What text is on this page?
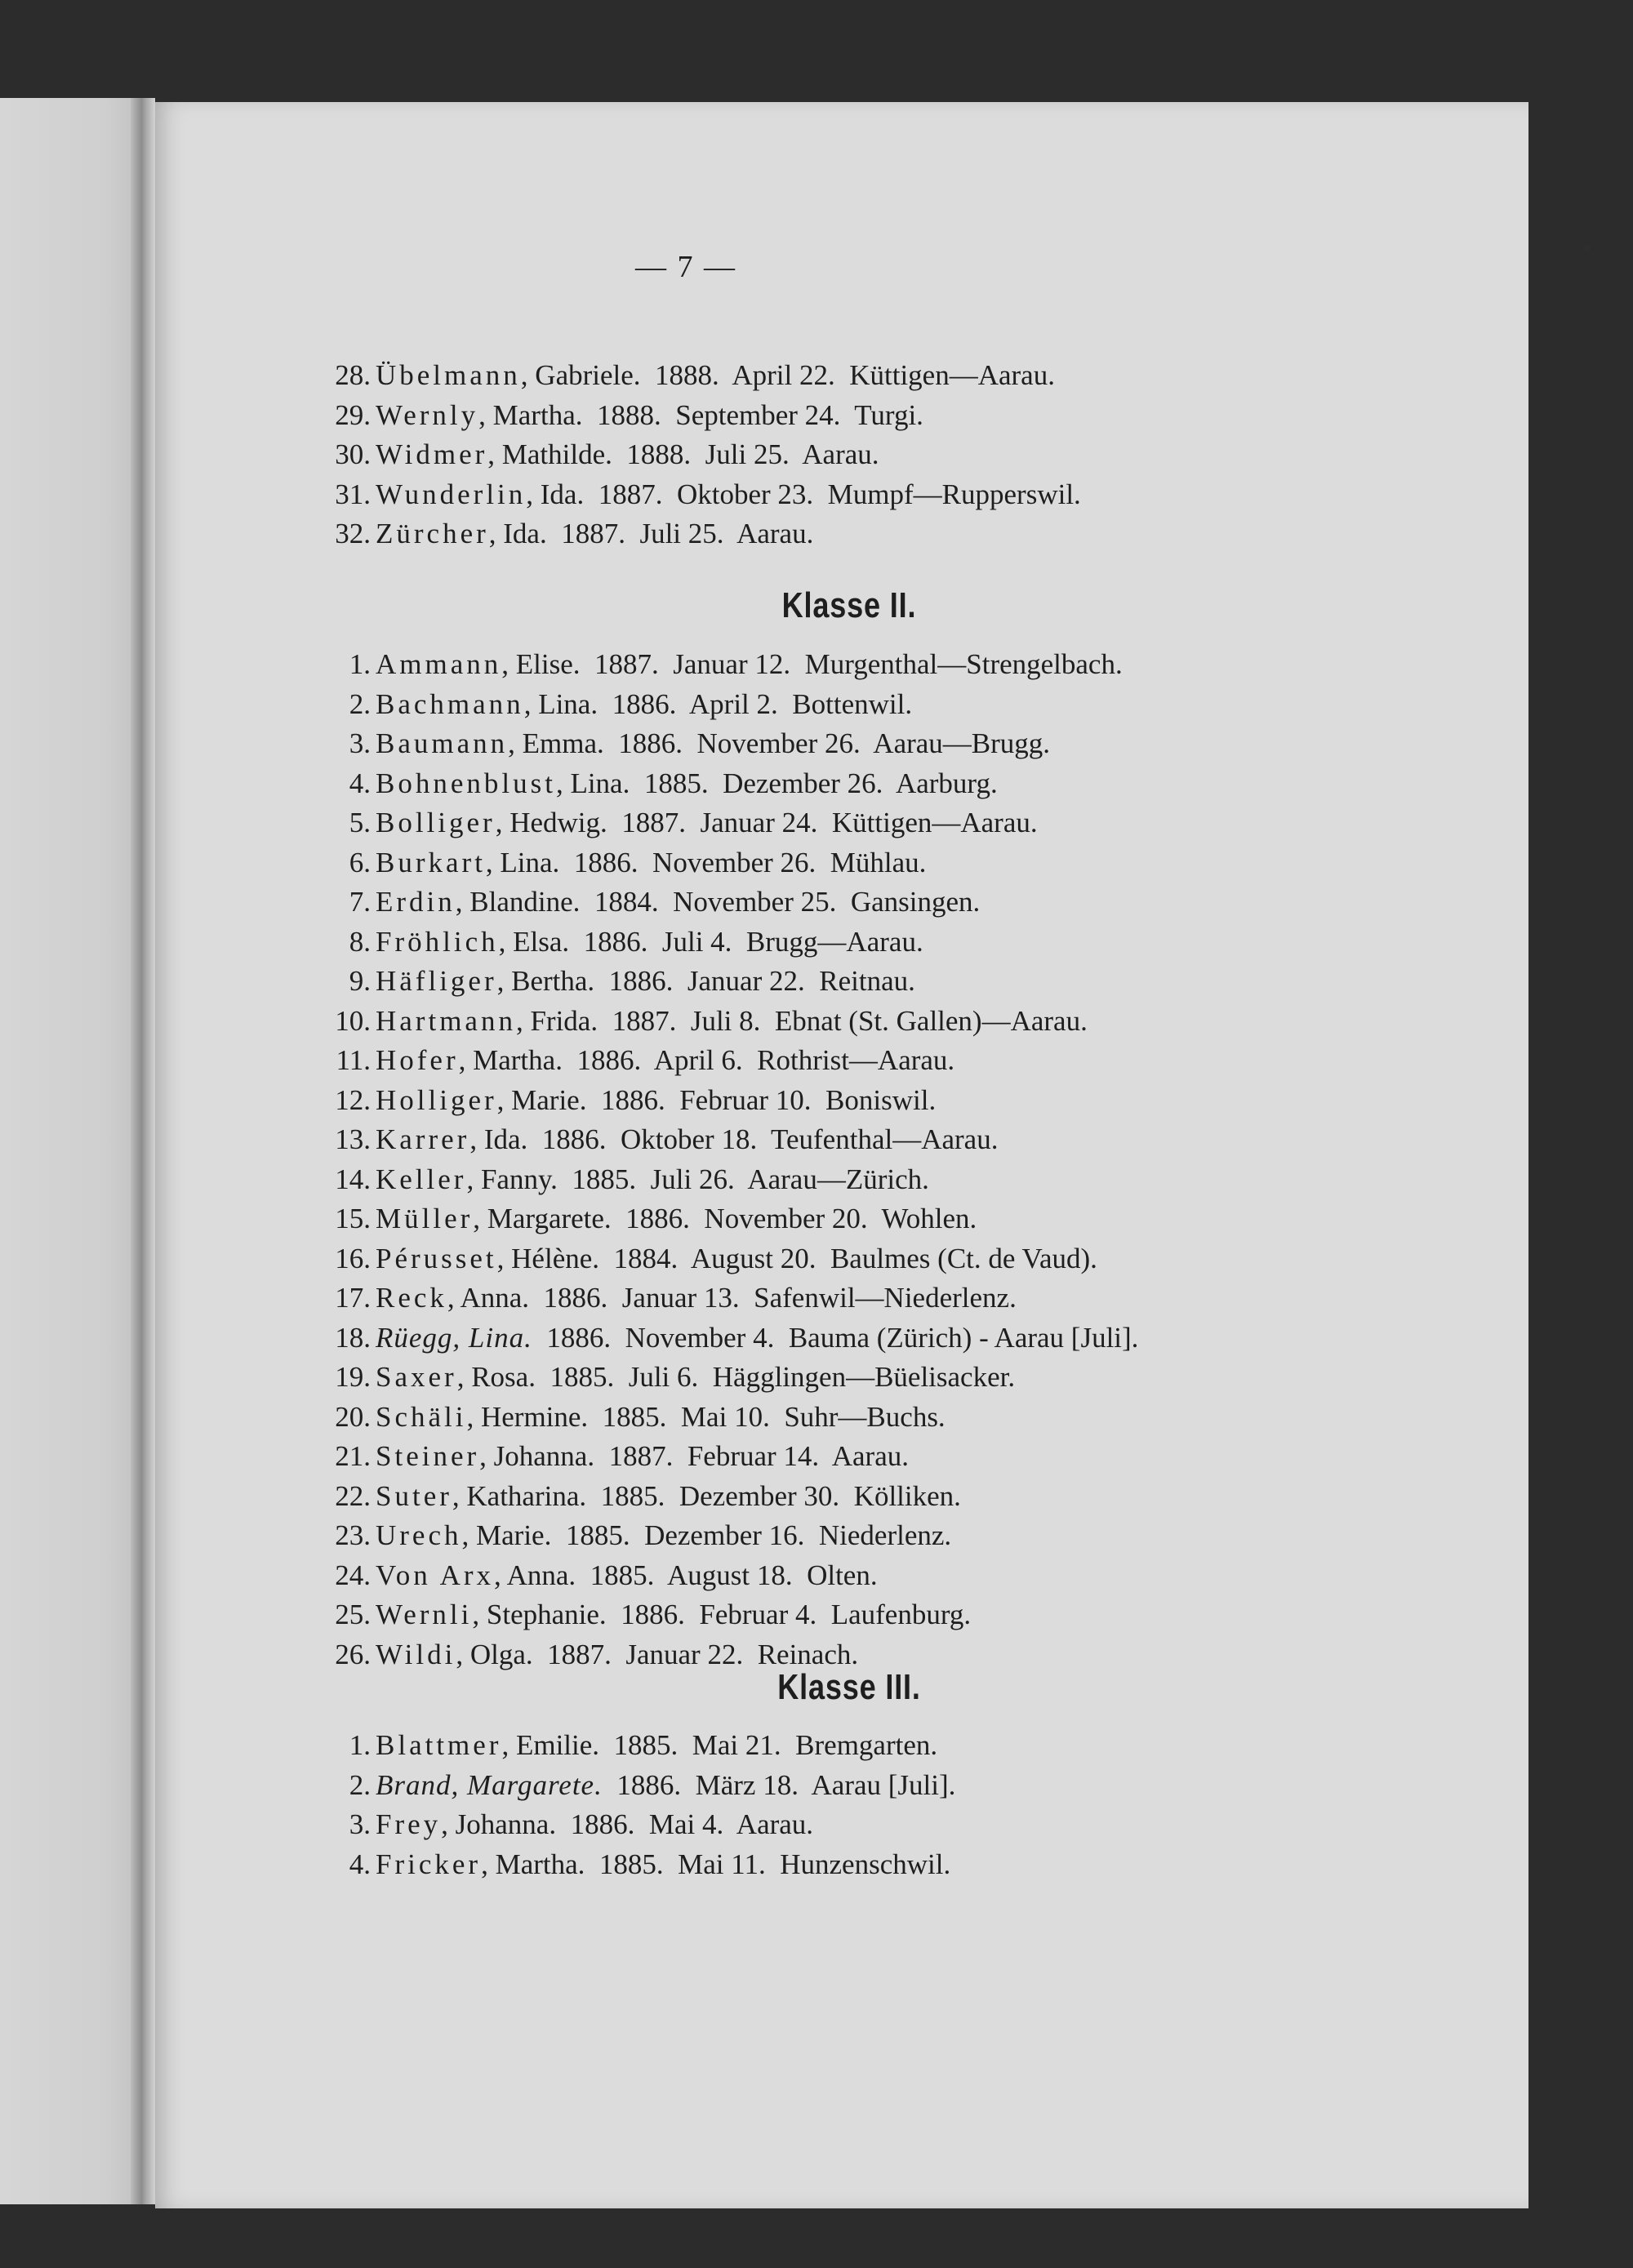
— 7 —
Klasse II.
Klasse III.
28. Übelmann, Gabriele.  1888.  April 22.  Küttigen—Aarau.
29. Wernly, Martha.  1888.  September 24.  Turgi.
30. Widmer, Mathilde.  1888.  Juli 25.  Aarau.
31. Wunderlin, Ida.  1887.  Oktober 23.  Mumpf—Rupperswil.
32. Zürcher, Ida.  1887.  Juli 25.  Aarau.
1. Ammann, Elise.  1887.  Januar 12.  Murgenthal—Strengelbach.
2. Bachmann, Lina.  1886.  April 2.  Bottenwil.
3. Baumann, Emma.  1886.  November 26.  Aarau—Brugg.
4. Bohnenblust, Lina.  1885.  Dezember 26.  Aarburg.
5. Bolliger, Hedwig.  1887.  Januar 24.  Küttigen—Aarau.
6. Burkart, Lina.  1886.  November 26.  Mühlau.
7. Erdin, Blandine.  1884.  November 25.  Gansingen.
8. Fröhlich, Elsa.  1886.  Juli 4.  Brugg—Aarau.
9. Häfliger, Bertha.  1886.  Januar 22.  Reitnau.
10. Hartmann, Frida.  1887.  Juli 8.  Ebnat (St. Gallen)—Aarau.
11. Hofer, Martha.  1886.  April 6.  Rothrist—Aarau.
12. Holliger, Marie.  1886.  Februar 10.  Boniswil.
13. Karrer, Ida.  1886.  Oktober 18.  Teufenthal—Aarau.
14. Keller, Fanny.  1885.  Juli 26.  Aarau—Zürich.
15. Müller, Margarete.  1886.  November 20.  Wohlen.
16. Pérusset, Hélène.  1884.  August 20.  Baulmes (Ct. de Vaud).
17. Reck, Anna.  1886.  Januar 13.  Safenwil—Niederlenz.
18. Rüegg, Lina.  1886.  November 4.  Bauma (Zürich) - Aarau [Juli].
19. Saxer, Rosa.  1885.  Juli 6.  Hägglingen—Büelisacker.
20. Schäli, Hermine.  1885.  Mai 10.  Suhr—Buchs.
21. Steiner, Johanna.  1887.  Februar 14.  Aarau.
22. Suter, Katharina.  1885.  Dezember 30.  Kölliken.
23. Urech, Marie.  1885.  Dezember 16.  Niederlenz.
24. Von Arx, Anna.  1885.  August 18.  Olten.
25. Wernli, Stephanie.  1886.  Februar 4.  Laufenburg.
26. Wildi, Olga.  1887.  Januar 22.  Reinach.
1. Blattmer, Emilie.  1885.  Mai 21.  Bremgarten.
2. Brand, Margarete.  1886.  März 18.  Aarau [Juli].
3. Frey, Johanna.  1886.  Mai 4.  Aarau.
4. Fricker, Martha.  1885.  Mai 11.  Hunzenschwil.
